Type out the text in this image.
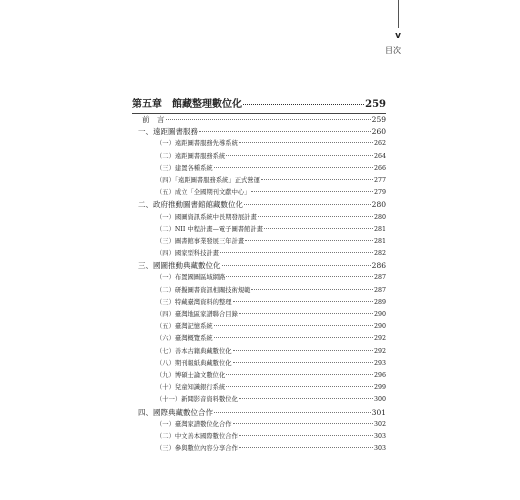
v
目次
第五章　館藏整理數位化	259
前　言	259
一、遠距圖書服務	260
（一）遠距圖書服務先導系統	262
（二）遠距圖書服務系統	264
（三）建置各種系統	266
（四）「遠距圖書服務系統」正式營運	277
（五）成立「全國期刊文獻中心」	279
二、政府推動圖書館館藏數位化	280
（一）國圖資訊系統中長期發展計畫	280
（二）NII 中程計畫—電子圖書館計畫	281
（三）圖書館事業發展三年計畫	281
（四）國家型科技計畫	282
三、國圖推動典藏數位化	286
（一）布置國圖區域網路	287
（二）研擬圖書資訊相關技術規範	287
（三）特藏臺灣資料的整理	289
（四）臺灣地區家譜聯合目錄	290
（五）臺灣記憶系統	290
（六）臺灣概覽系統	292
（七）善本古籍典藏數位化	292
（八）期刊報紙典藏數位化	293
（九）博碩士論文數位化	296
（十）兒童知識銀行系統	299
（十一）新聞影音資料數位化	300
四、國際典藏數位合作	301
（一）臺灣家譜數位化合作	302
（二）中文善本國際數位合作	303
（三）參與數位內容分享合作	303
